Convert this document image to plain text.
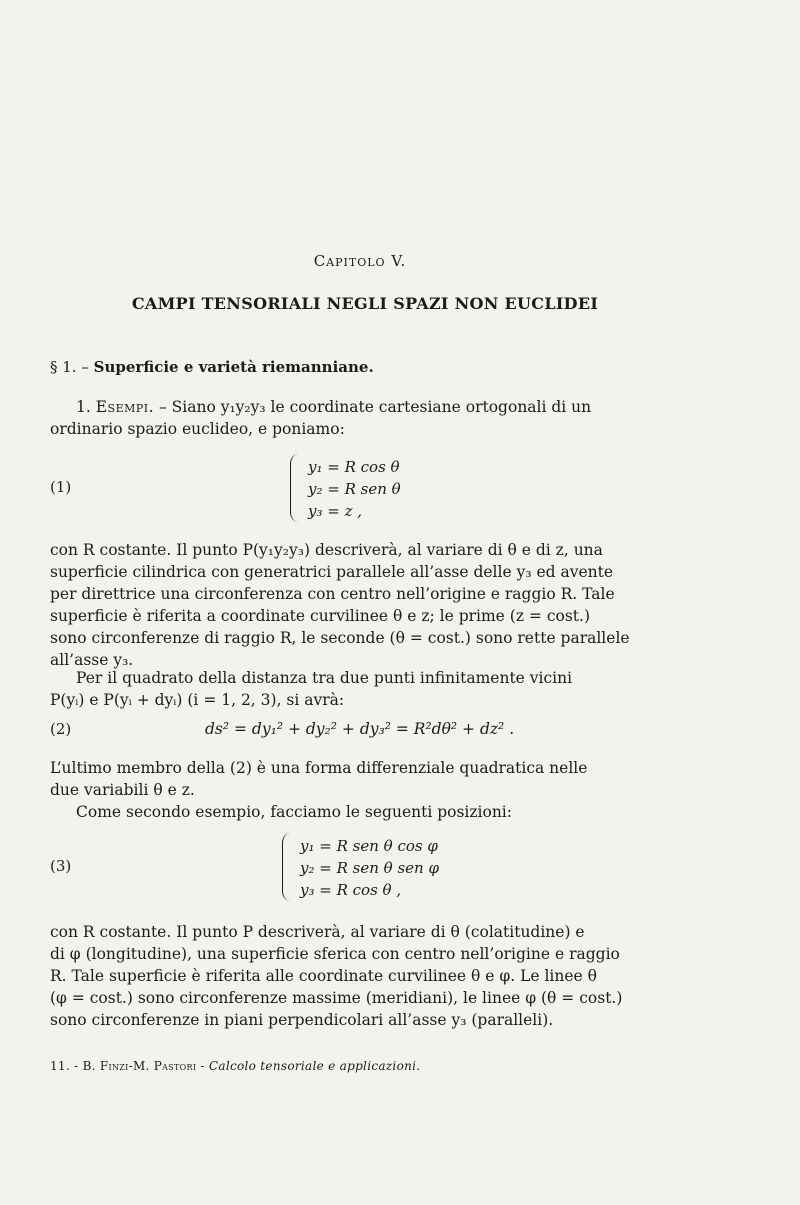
Capitolo V.
CAMPI TENSORIALI NEGLI SPAZI NON EUCLIDEI
§ 1. – Superficie e varietà riemanniane.
1. Esempi. – Siano y₁y₂y₃ le coordinate cartesiane ortogonali di un
ordinario spazio euclideo, e poniamo:
(1)
y₁ = R cos θ
y₂ = R sen θ
y₃ = z ,
con R costante. Il punto P(y₁y₂y₃) descriverà, al variare di θ e di z, una
superficie cilindrica con generatrici parallele all’asse delle y₃ ed avente
per direttrice una circonferenza con centro nell’origine e raggio R. Tale
superficie è riferita a coordinate curvilinee θ e z; le prime (z = cost.)
sono circonferenze di raggio R, le seconde (θ = cost.) sono rette parallele
all’asse y₃.
Per il quadrato della distanza tra due punti infinitamente vicini
P(yᵢ) e P(yᵢ + dyᵢ) (i = 1, 2, 3), si avrà:
(2)	ds² = dy₁² + dy₂² + dy₃² = R²dθ² + dz² .
L’ultimo membro della (2) è una forma differenziale quadratica nelle
due variabili θ e z.
Come secondo esempio, facciamo le seguenti posizioni:
(3)
y₁ = R sen θ cos φ
y₂ = R sen θ sen φ
y₃ = R cos θ ,
con R costante. Il punto P descriverà, al variare di θ (colatitudine) e
di φ (longitudine), una superficie sferica con centro nell’origine e raggio
R. Tale superficie è riferita alle coordinate curvilinee θ e φ. Le linee θ
(φ = cost.) sono circonferenze massime (meridiani), le linee φ (θ = cost.)
sono circonferenze in piani perpendicolari all’asse y₃ (paralleli).
11. - B. Finzi-M. Pastori - Calcolo tensoriale e applicazioni.
